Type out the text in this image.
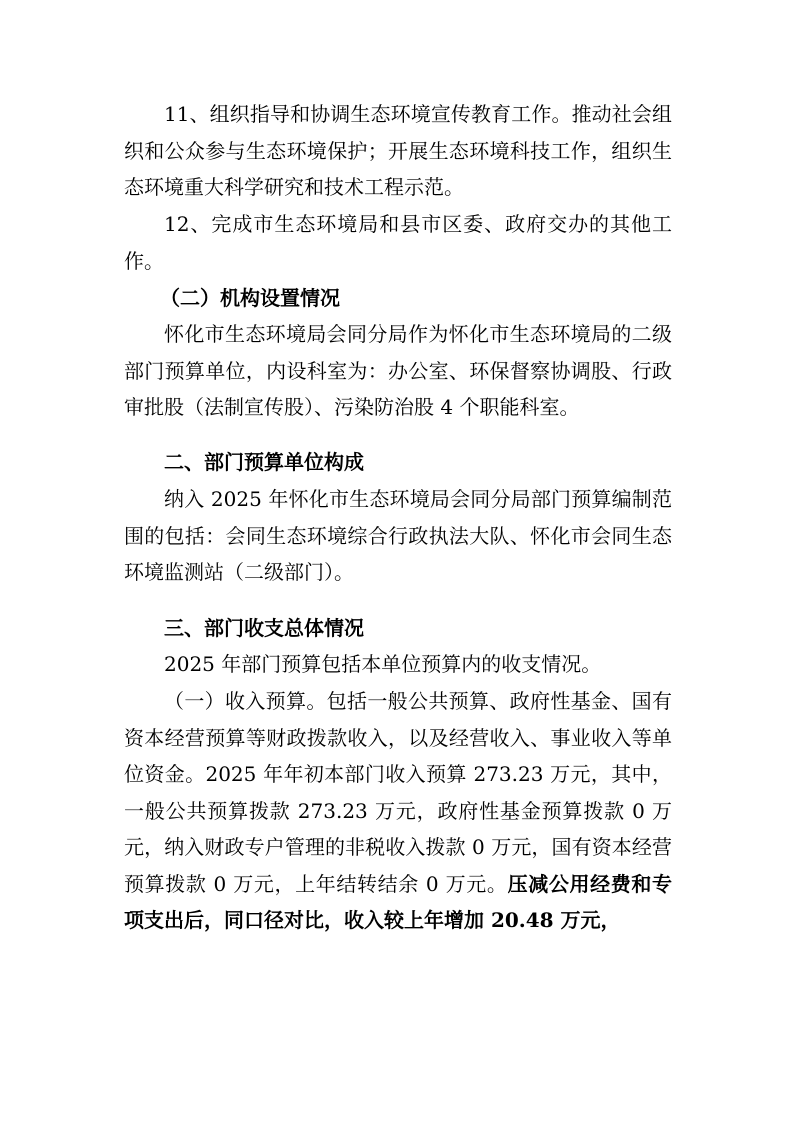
11、组织指导和协调生态环境宣传教育工作。推动社会组织和公众参与生态环境保护；开展生态环境科技工作，组织生态环境重大科学研究和技术工程示范。

12、完成市生态环境局和县市区委、政府交办的其他工作。

（二）机构设置情况

怀化市生态环境局会同分局作为怀化市生态环境局的二级部门预算单位，内设科室为：办公室、环保督察协调股、行政审批股（法制宣传股）、污染防治股 4 个职能科室。

二、部门预算单位构成

纳入 2025 年怀化市生态环境局会同分局部门预算编制范围的包括：会同生态环境综合行政执法大队、怀化市会同生态环境监测站（二级部门）。

三、部门收支总体情况

2025 年部门预算包括本单位预算内的收支情况。

（一）收入预算。包括一般公共预算、政府性基金、国有资本经营预算等财政拨款收入，以及经营收入、事业收入等单位资金。2025 年年初本部门收入预算 273.23 万元，其中，一般公共预算拨款 273.23 万元，政府性基金预算拨款 0 万元，纳入财政专户管理的非税收入拨款 0 万元，国有资本经营预算拨款 0 万元，上年结转结余 0 万元。压减公用经费和专项支出后，同口径对比，收入较上年增加 20.48 万元，
